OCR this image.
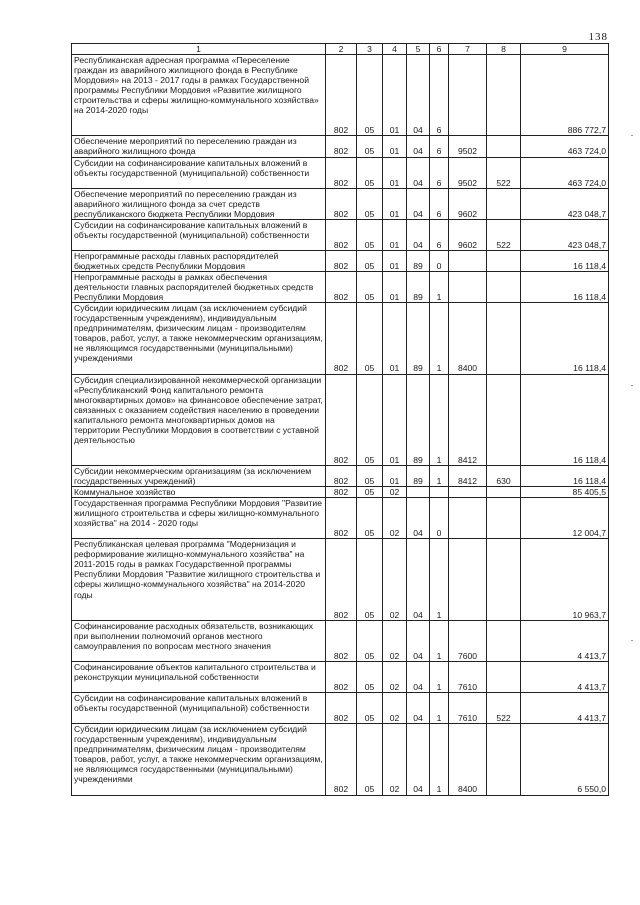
138
1	2	3	4	5	6	7	8	9
Республиканская адресная программа «Переселение граждан из аварийного жилищного фонда в Республике Мордовия» на 2013 - 2017 годы в рамках Государственной программы Республики Мордовия «Развитие жилищного строительства и сферы жилищно-коммунального хозяйства» на 2014-2020 годы	802	05	01	04	6			886 772,7
Обеспечение мероприятий по переселению граждан из аварийного жилищного фонда	802	05	01	04	6	9502		463 724,0
Субсидии на софинансирование капитальных вложений в объекты государственной (муниципальной) собственности	802	05	01	04	6	9502	522	463 724,0
Обеспечение мероприятий по переселению граждан из аварийного жилищного фонда за счет средств республиканского бюджета Республики Мордовия	802	05	01	04	6	9602		423 048,7
Субсидии на софинансирование капитальных вложений в объекты государственной (муниципальной) собственности	802	05	01	04	6	9602	522	423 048,7
Непрограммные расходы главных распорядителей бюджетных средств Республики Мордовия	802	05	01	89	0			16 118,4
Непрограммные расходы в рамках обеспечения деятельности главных распорядителей бюджетных средств Республики Мордовия	802	05	01	89	1			16 118,4
Субсидии юридическим лицам (за исключением субсидий государственным учреждениям), индивидуальным предпринимателям, физическим лицам - производителям товаров, работ, услуг, а также некоммерческим организациям, не являющимся государственными (муниципальными) учреждениями	802	05	01	89	1	8400		16 118,4
Субсидия специализированной некоммерческой организации «Республиканский Фонд капитального ремонта многоквартирных домов» на финансовое обеспечение затрат, связанных с оказанием содействия населению в проведении капитального ремонта многоквартирных домов на территории Республики Мордовия в соответствии с уставной деятельностью	802	05	01	89	1	8412		16 118,4
Субсидии некоммерческим организациям (за исключением государственных учреждений)	802	05	01	89	1	8412	630	16 118,4
Коммунальное хозяйство	802	05	02					85 405,5
Государственная программа Республики Мордовия "Развитие жилищного строительства и сферы жилищно-коммунального хозяйства" на 2014 - 2020 годы	802	05	02	04	0			12 004,7
Республиканская целевая программа "Модернизация и реформирование жилищно-коммунального хозяйства" на 2011-2015 годы в рамках Государственной программы Республики Мордовия "Развитие жилищного строительства и сферы жилищно-коммунального хозяйства" на 2014-2020 годы	802	05	02	04	1			10 963,7
Софинансирование расходных обязательств, возникающих при выполнении полномочий органов местного самоуправления по вопросам местного значения	802	05	02	04	1	7600		4 413,7
Софинансирование объектов капитального строительства и реконструкции муниципальной собственности	802	05	02	04	1	7610		4 413,7
Субсидии на софинансирование капитальных вложений в объекты государственной (муниципальной) собственности	802	05	02	04	1	7610	522	4 413,7
Субсидии юридическим лицам (за исключением субсидий государственным учреждениям), индивидуальным предпринимателям, физическим лицам - производителям товаров, работ, услуг, а также некоммерческим организациям, не являющимся государственными (муниципальными) учреждениями	802	05	02	04	1	8400		6 550,0
